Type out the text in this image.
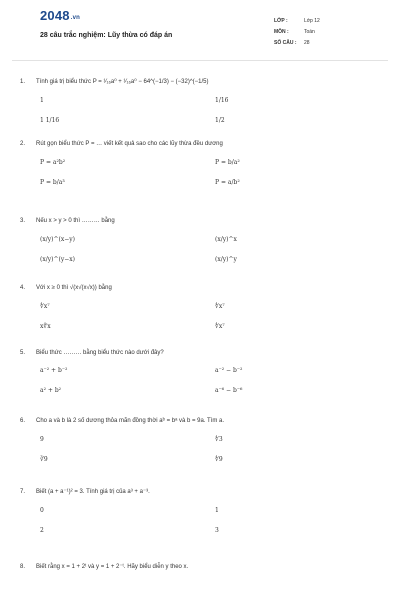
2048.vn
28 câu trắc nghiệm: Lũy thừa có đáp án
LỚP :	Lớp 12
MÔN :	Toán
SỐ CÂU :	28
1.	Tính giá trị biểu thức P = ¹⁄₁₆a⁰ + ¹⁄₁₆a⁰ − 64^(−1/3) − (−32)^(−1/5)
1	1/16
1 1/16	1/2
2.	Rút gọn biểu thức P = … viết kết quả sao cho các lũy thừa đều dương
P = a²b²	P = b/a²
P = b/a³	P = a/b²
3.	Nếu x > y > 0 thì ……… bằng
(x/y)^(x−y)	(x/y)^x
(x/y)^(y−x)	(x/y)^y
4.	Với x ≥ 0 thì √(x√(x√x)) bằng
∜x⁷	∜x⁷
x∜x	∜x⁷
5.	Biểu thức ……… bằng biểu thức nào dưới đây?
a⁻² + b⁻²	a⁻² − b⁻²
a² + b²	a⁻⁶ − b⁻⁶
6.	Cho a và b là 2 số dương thỏa mãn đồng thời aᵇ = bᵃ và b = 9a. Tìm a.
9	∜3
∛9	∜9
7.	Biết (a + a⁻¹)² = 3. Tính giá trị của a³ + a⁻³.
0	1
2	3
8.	Biết rằng x = 1 + 2ᵗ và y = 1 + 2⁻ᵗ. Hãy biểu diễn y theo x.
